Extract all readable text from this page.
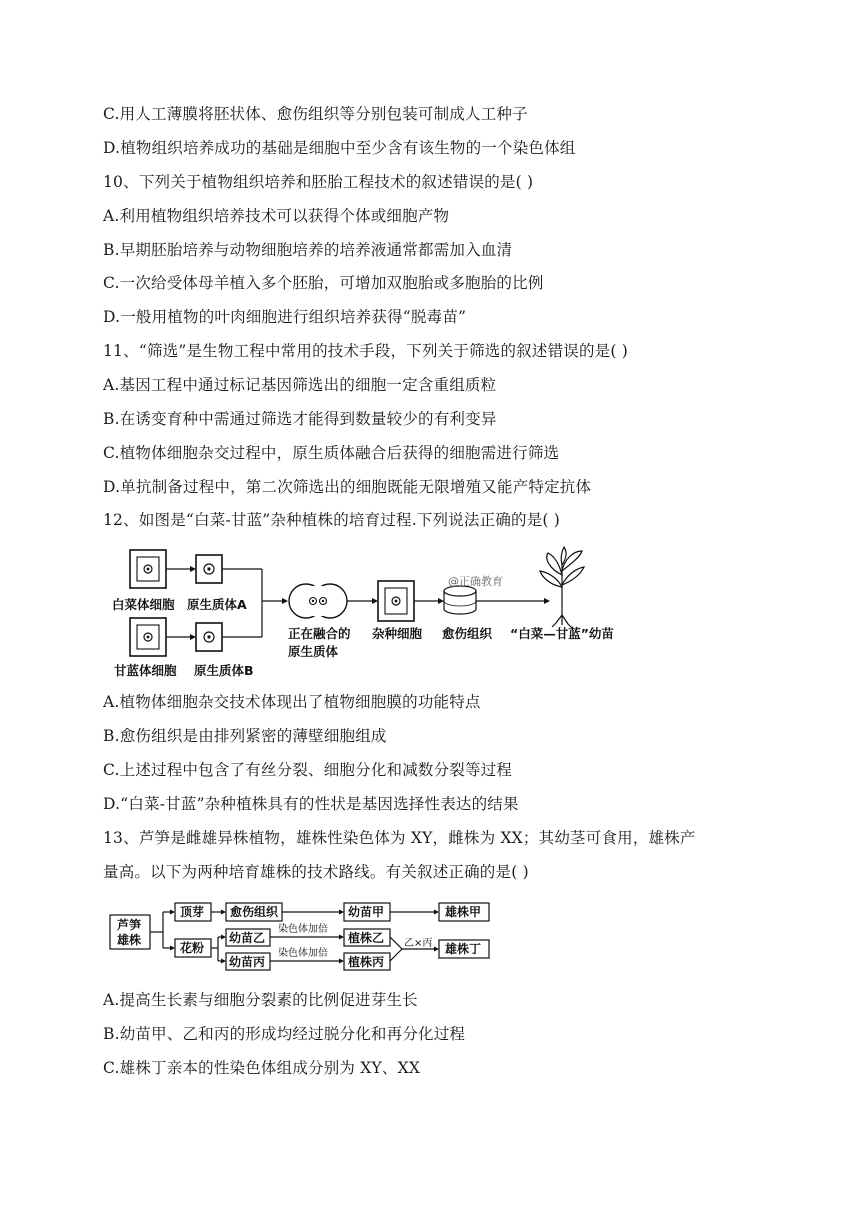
C.用人工薄膜将胚状体、愈伤组织等分别包装可制成人工种子
D.植物组织培养成功的基础是细胞中至少含有该生物的一个染色体组
10、下列关于植物组织培养和胚胎工程技术的叙述错误的是( )
A.利用植物组织培养技术可以获得个体或细胞产物
B.早期胚胎培养与动物细胞培养的培养液通常都需加入血清
C.一次给受体母羊植入多个胚胎，可增加双胞胎或多胞胎的比例
D.一般用植物的叶肉细胞进行组织培养获得“脱毒苗”
11、“筛选”是生物工程中常用的技术手段，下列关于筛选的叙述错误的是( )
A.基因工程中通过标记基因筛选出的细胞一定含重组质粒
B.在诱变育种中需通过筛选才能得到数量较少的有利变异
C.植物体细胞杂交过程中，原生质体融合后获得的细胞需进行筛选
D.单抗制备过程中，第二次筛选出的细胞既能无限增殖又能产特定抗体
12、如图是“白菜-甘蓝”杂种植株的培育过程.下列说法正确的是( )
白菜体细胞 原生质体A
甘蓝体细胞 原生质体B
正在融合的
原生质体
杂种细胞 愈伤组织
@正确教育
“白菜—甘蓝”幼苗
A.植物体细胞杂交技术体现出了植物细胞膜的功能特点
B.愈伤组织是由排列紧密的薄壁细胞组成
C.上述过程中包含了有丝分裂、细胞分化和减数分裂等过程
D.“白菜-甘蓝”杂种植株具有的性状是基因选择性表达的结果
13、芦笋是雌雄异株植物，雄株性染色体为 XY，雌株为 XX；其幼茎可食用，雄株产
量高。以下为两种培育雄株的技术路线。有关叙述正确的是( )
芦笋
雄株
顶芽 愈伤组织	幼苗甲	雄株甲
花粉
幼苗乙
幼苗丙
染色体加倍
染色体加倍
植株乙
植株丙
乙×丙 雄株丁
A.提高生长素与细胞分裂素的比例促进芽生长
B.幼苗甲、乙和丙的形成均经过脱分化和再分化过程
C.雄株丁亲本的性染色体组成分别为 XY、XX
